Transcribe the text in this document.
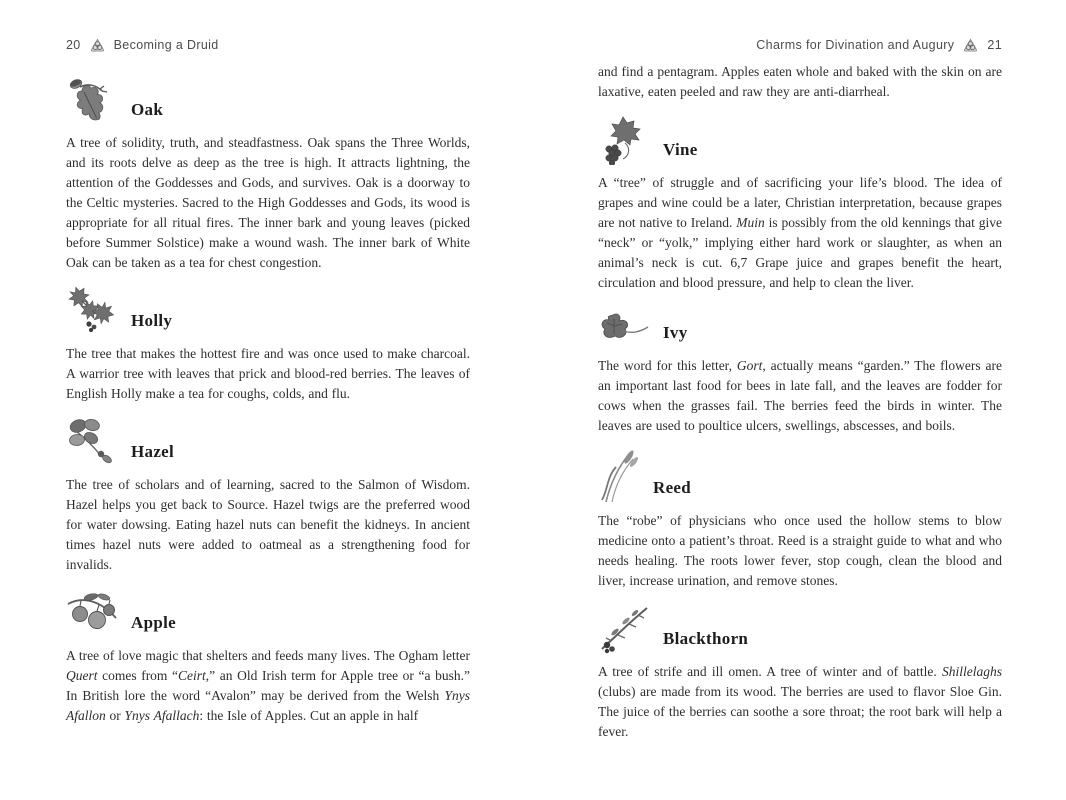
20	Becoming a Druid
Oak

A tree of solidity, truth, and steadfastness. Oak spans the Three Worlds, and its roots delve as deep as the tree is high. It attracts lightning, the attention of the Goddesses and Gods, and survives. Oak is a doorway to the Celtic mysteries. Sacred to the High Goddesses and Gods, its wood is appropriate for all ritual fires. The inner bark and young leaves (picked before Summer Solstice) make a wound wash. The inner bark of White Oak can be taken as a tea for chest congestion.

Holly

The tree that makes the hottest fire and was once used to make charcoal. A warrior tree with leaves that prick and blood-red berries. The leaves of English Holly make a tea for coughs, colds, and flu.

Hazel

The tree of scholars and of learning, sacred to the Salmon of Wisdom. Hazel helps you get back to Source. Hazel twigs are the preferred wood for water dowsing. Eating hazel nuts can benefit the kidneys. In ancient times hazel nuts were added to oatmeal as a strengthening food for invalids.

Apple

A tree of love magic that shelters and feeds many lives. The Ogham letter Quert comes from “Ceirt,” an Old Irish term for Apple tree or “a bush.” In British lore the word “Avalon” may be derived from the Welsh Ynys Afallon or Ynys Afallach: the Isle of Apples. Cut an apple in half

Charms for Divination and Augury	21

and find a pentagram. Apples eaten whole and baked with the skin on are laxative, eaten peeled and raw they are anti-diarrheal.

Vine

A “tree” of struggle and of sacrificing your life’s blood. The idea of grapes and wine could be a later, Christian interpretation, because grapes are not native to Ireland. Muin is possibly from the old kennings that give “neck” or “yolk,” implying either hard work or slaughter, as when an animal’s neck is cut. 6,7 Grape juice and grapes benefit the heart, circulation and blood pressure, and help to clean the liver.

Ivy

The word for this letter, Gort, actually means “garden.” The flowers are an important last food for bees in late fall, and the leaves are fodder for cows when the grasses fail. The berries feed the birds in winter. The leaves are used to poultice ulcers, swellings, abscesses, and boils.

Reed

The “robe” of physicians who once used the hollow stems to blow medicine onto a patient’s throat. Reed is a straight guide to what and who needs healing. The roots lower fever, stop cough, clean the blood and liver, increase urination, and remove stones.

Blackthorn

A tree of strife and ill omen. A tree of winter and of battle. Shillelaghs (clubs) are made from its wood. The berries are used to flavor Sloe Gin. The juice of the berries can soothe a sore throat; the root bark will help a fever.
